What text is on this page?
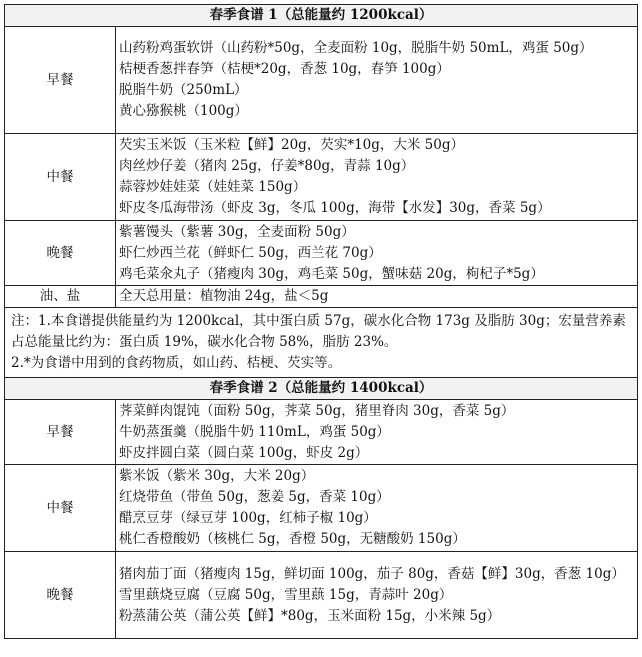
春季食谱 1（总能量约 1200kcal）	
早餐	山药粉鸡蛋软饼（山药粉*50g，全麦面粉 10g，脱脂牛奶 50mL，鸡蛋 50g）
桔梗香葱拌春笋（桔梗*20g，香葱 10g，春笋 100g）
脱脂牛奶（250mL）
黄心猕猴桃（100g）

中餐	芡实玉米饭（玉米粒【鲜】20g，芡实*10g，大米 50g）
肉丝炒仔姜（猪肉 25g，仔姜*80g，青蒜 10g）
蒜蓉炒娃娃菜（娃娃菜 150g）
虾皮冬瓜海带汤（虾皮 3g，冬瓜 100g，海带【水发】30g，香菜 5g）

晚餐	紫薯馒头（紫薯 30g，全麦面粉 50g）
虾仁炒西兰花（鲜虾仁 50g，西兰花 70g）
鸡毛菜氽丸子（猪瘦肉 30g，鸡毛菜 50g，蟹味菇 20g，枸杞子*5g）

油、盐	全天总用量：植物油 24g，盐＜5g

注：1.本食谱提供能量约为 1200kcal，其中蛋白质 57g，碳水化合物 173g 及脂肪 30g；宏量营养素占总能量比约为：蛋白质 19%，碳水化合物 58%，脂肪 23%。
2.*为食谱中用到的食药物质，如山药、桔梗、芡实等。	

春季食谱 2（总能量约 1400kcal）	
早餐	荠菜鲜肉馄饨（面粉 50g，荠菜 50g，猪里脊肉 30g，香菜 5g）
牛奶蒸蛋羹（脱脂牛奶 110mL，鸡蛋 50g）
虾皮拌圆白菜（圆白菜 100g，虾皮 2g）

中餐	紫米饭（紫米 30g，大米 20g）
红烧带鱼（带鱼 50g，葱姜 5g，香菜 10g）
醋烹豆芽（绿豆芽 100g，红柿子椒 10g）
桃仁香橙酸奶（核桃仁 5g，香橙 50g，无糖酸奶 150g）

晚餐	猪肉茄丁面（猪瘦肉 15g，鲜切面 100g，茄子 80g，香菇【鲜】30g，香葱 10g）
雪里蕻烧豆腐（豆腐 50g，雪里蕻 15g，青蒜叶 20g）
粉蒸蒲公英（蒲公英【鲜】*80g，玉米面粉 15g，小米辣 5g）
